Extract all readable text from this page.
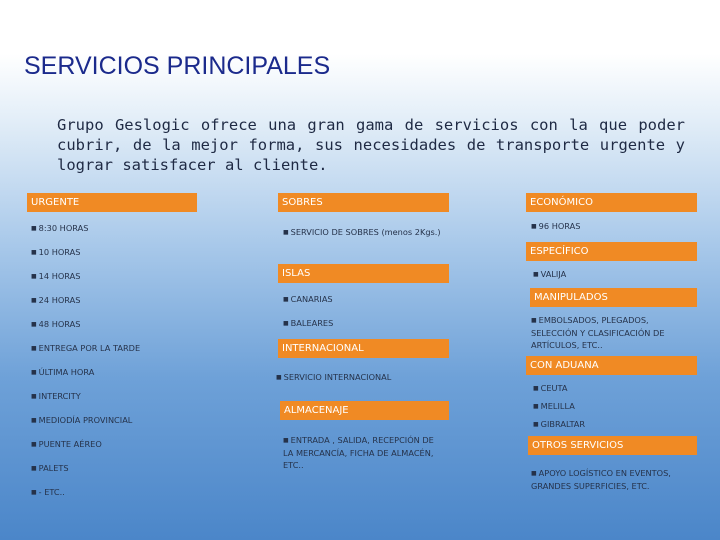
SERVICIOS PRINCIPALES
Grupo Geslogic ofrece una gran gama de servicios con la que poder cubrir, de la mejor forma, sus necesidades de transporte urgente y lograr satisfacer al cliente.
URGENTE
■ 8:30 HORAS
■ 10 HORAS
■ 14 HORAS
■ 24 HORAS
■ 48 HORAS
■ ENTREGA POR LA TARDE
■ ÚLTIMA HORA
■ INTERCITY
■ MEDIODÍA PROVINCIAL
■ PUENTE AÉREO
■ PALETS
■ - ETC..
SOBRES
■ SERVICIO DE SOBRES (menos 2Kgs.)
ISLAS
■ CANARIAS
■ BALEARES
INTERNACIONAL
■ SERVICIO INTERNACIONAL
ALMACENAJE
■ ENTRADA , SALIDA, RECEPCIÓN DE LA MERCANCÍA, FICHA DE ALMACÉN, ETC..
ECONÓMICO
■ 96 HORAS
ESPECÍFICO
■ VALIJA
MANIPULADOS
■ EMBOLSADOS, PLEGADOS, SELECCIÓN Y CLASIFICACIÓN DE ARTÍCULOS, ETC..
CON ADUANA
■ CEUTA
■ MELILLA
■ GIBRALTAR
OTROS SERVICIOS
■ APOYO LOGÍSTICO EN EVENTOS, GRANDES SUPERFICIES, ETC.
